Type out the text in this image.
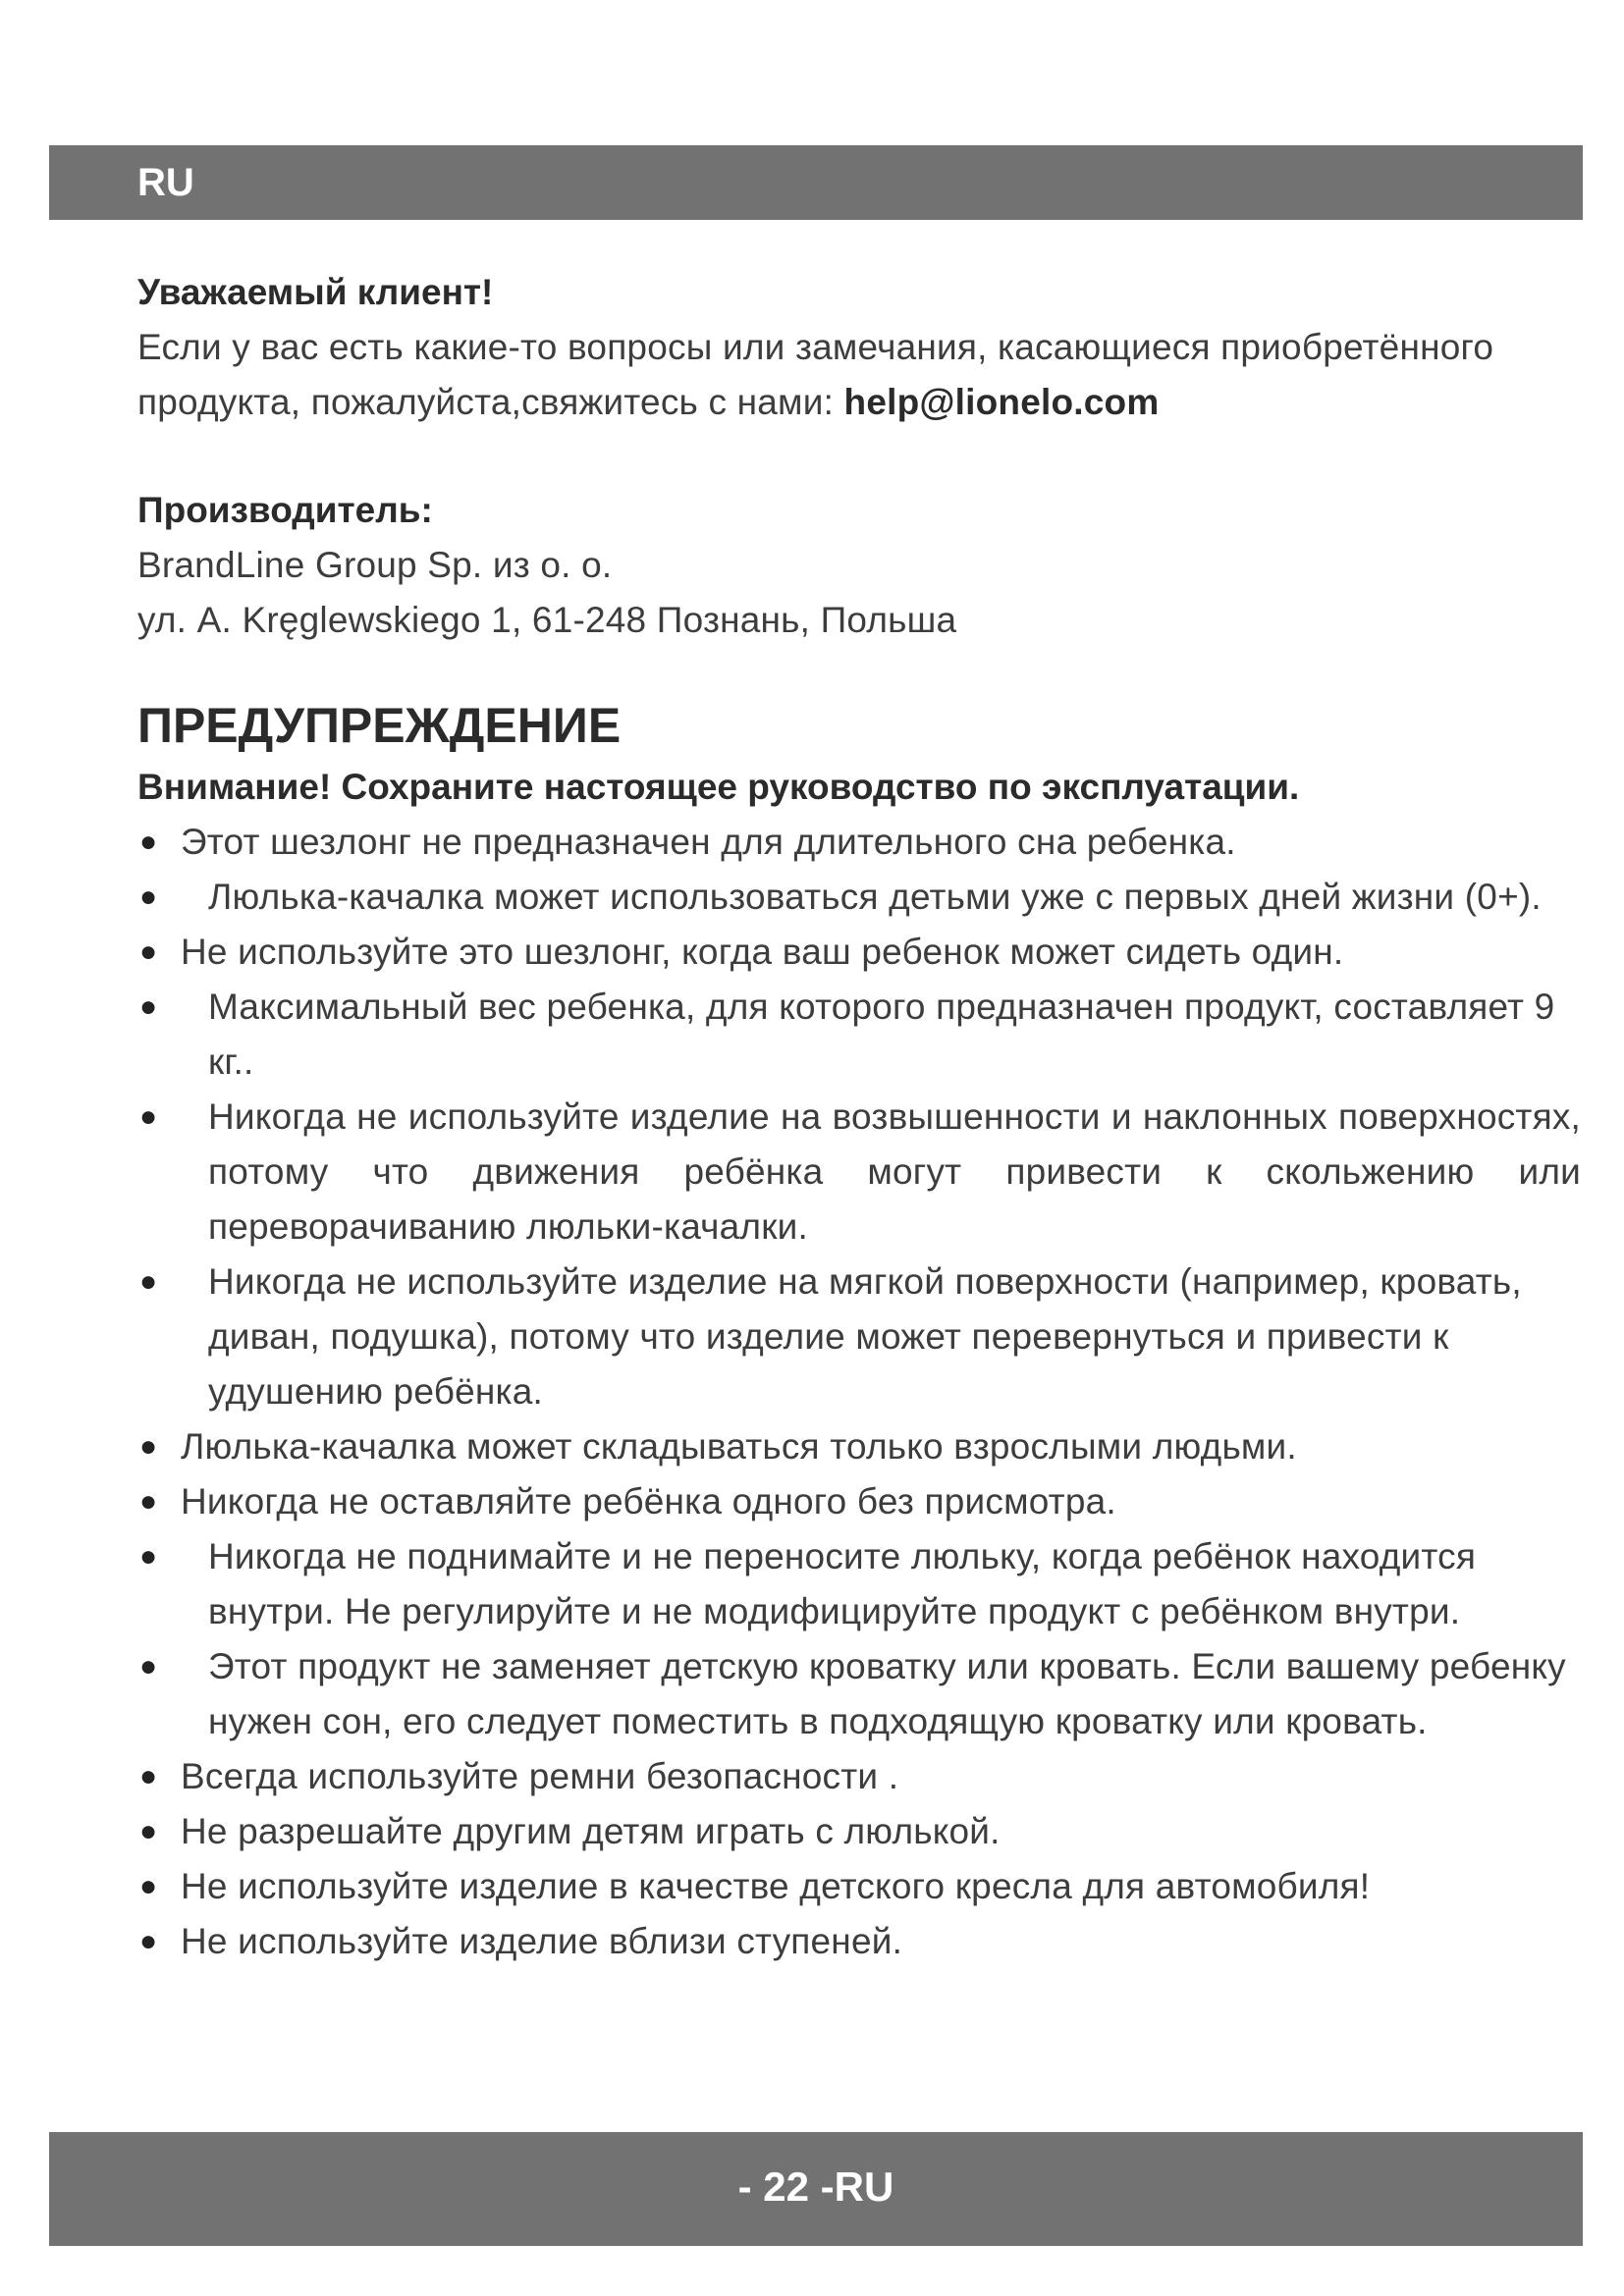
RU
Уважаемый клиент!
Если у вас есть какие-то вопросы или замечания, касающиеся приобретённого
продукта, пожалуйста,свяжитесь с нами: help@lionelo.com
Производитель:
BrandLine Group Sp. из о. о.
ул. A. Kręglewskiego 1, 61-248 Познань, Польша
ПРЕДУПРЕЖДЕНИЕ
Внимание! Сохраните настоящее руководство по эксплуатации.
● Этот шезлонг не предназначен для длительного сна ребенка.
●	Люлька-качалка может использоваться детьми уже с первых дней жизни (0+).
● Не используйте это шезлонг, когда ваш ребенок может сидеть один.
●	Максимальный вес ребенка, для которого предназначен продукт, составляет 9 кг..
●	Никогда не используйте изделие на возвышенности и наклонных поверхностях, потому что движения ребёнка могут привести к скольжению или переворачиванию люльки-качалки.
●	Никогда не используйте изделие на мягкой поверхности (например, кровать, диван, подушка), потому что изделие может перевернуться и привести к удушению ребёнка.
● Люлька-качалка может складываться только взрослыми людьми.
● Никогда не оставляйте ребёнка одного без присмотра.
●	Никогда не поднимайте и не переносите люльку, когда ребёнок находится внутри. Не регулируйте и не модифицируйте продукт с ребёнком внутри.
●	Этот продукт не заменяет детскую кроватку или кровать. Если вашему ребенку нужен сон, его следует поместить в подходящую кроватку или кровать.
● Всегда используйте ремни безопасности .
● Не разрешайте другим детям играть с люлькой.
● Не используйте изделие в качестве детского кресла для автомобиля!
● Не используйте изделие вблизи ступеней.
- 22 -RU
